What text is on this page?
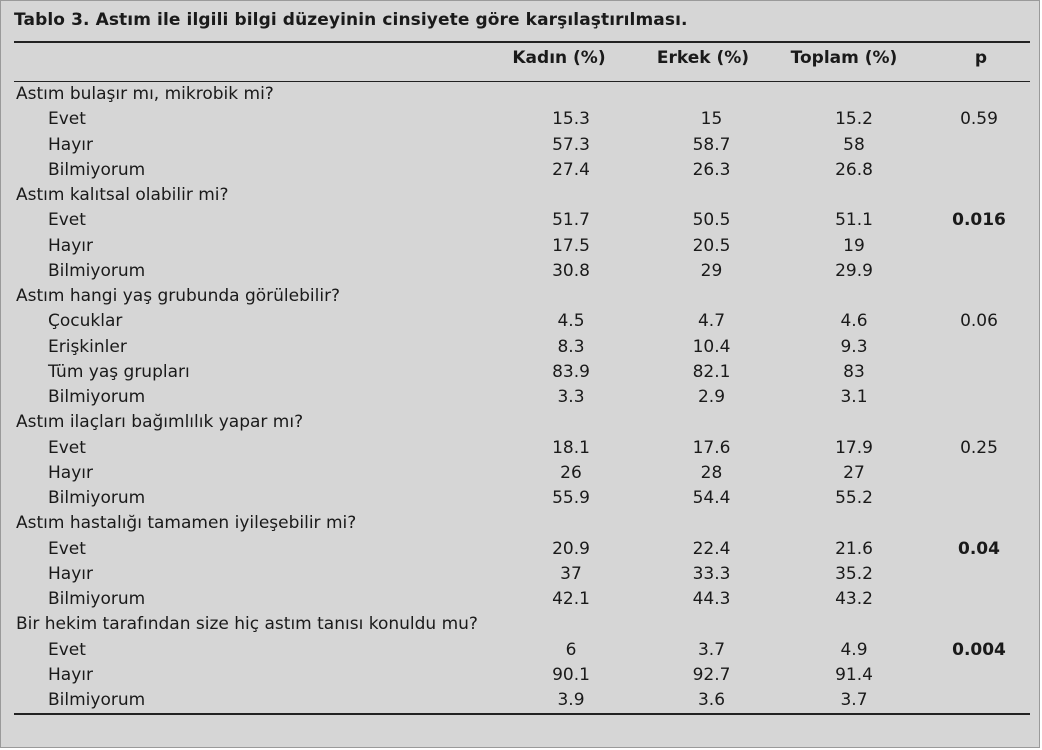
Tablo 3. Astım ile ilgili bilgi düzeyinin cinsiyete göre karşılaştırılması.
Kadın (%)	Erkek (%)	Toplam (%)	p
Astım bulaşır mı, mikrobik mi?				
Evet	15.3	15	15.2	0.59
Hayır	57.3	58.7	58	
Bilmiyorum	27.4	26.3	26.8	
Astım kalıtsal olabilir mi?				
Evet	51.7	50.5	51.1	0.016
Hayır	17.5	20.5	19	
Bilmiyorum	30.8	29	29.9	
Astım hangi yaş grubunda görülebilir?				
Çocuklar	4.5	4.7	4.6	0.06
Erişkinler	8.3	10.4	9.3	
Tüm yaş grupları	83.9	82.1	83	
Bilmiyorum	3.3	2.9	3.1	
Astım ilaçları bağımlılık yapar mı?				
Evet	18.1	17.6	17.9	0.25
Hayır	26	28	27	
Bilmiyorum	55.9	54.4	55.2	
Astım hastalığı tamamen iyileşebilir mi?				
Evet	20.9	22.4	21.6	0.04
Hayır	37	33.3	35.2	
Bilmiyorum	42.1	44.3	43.2	
Bir hekim tarafından size hiç astım tanısı konuldu mu?				
Evet	6	3.7	4.9	0.004
Hayır	90.1	92.7	91.4	
Bilmiyorum	3.9	3.6	3.7	
